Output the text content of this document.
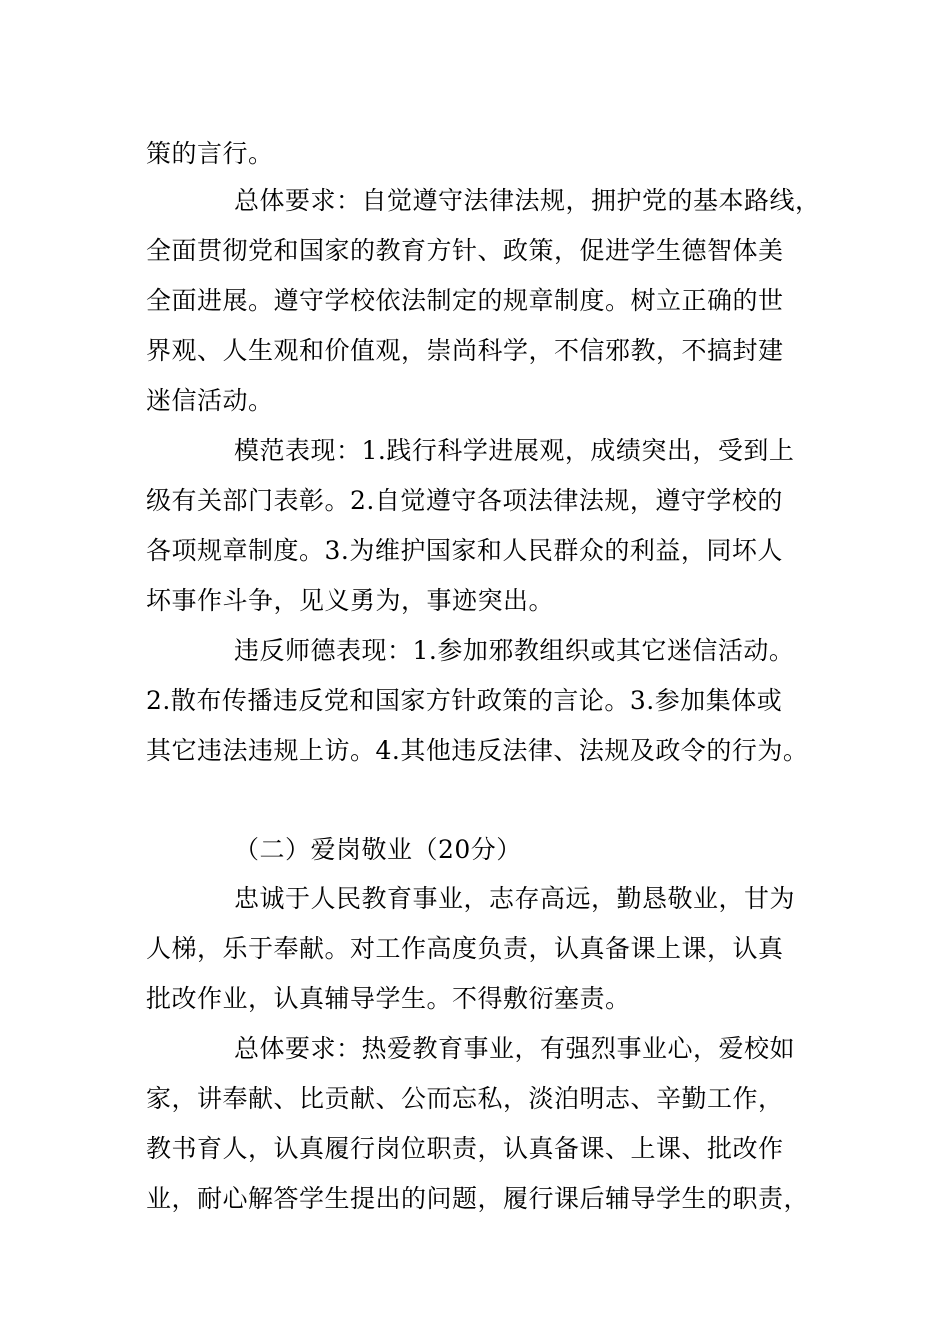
策的言行。
总体要求：自觉遵守法律法规，拥护党的基本路线，
全面贯彻党和国家的教育方针、政策，促进学生德智体美
全面进展。遵守学校依法制定的规章制度。树立正确的世
界观、人生观和价值观，崇尚科学，不信邪教，不搞封建
迷信活动。
模范表现：1.践行科学进展观，成绩突出，受到上
级有关部门表彰。2.自觉遵守各项法律法规，遵守学校的
各项规章制度。3.为维护国家和人民群众的利益，同坏人
坏事作斗争，见义勇为，事迹突出。
违反师德表现：1.参加邪教组织或其它迷信活动。
2.散布传播违反党和国家方针政策的言论。3.参加集体或
其它违法违规上访。4.其他违反法律、法规及政令的行为。
（二）爱岗敬业（20分）
忠诚于人民教育事业，志存高远，勤恳敬业，甘为
人梯，乐于奉献。对工作高度负责，认真备课上课，认真
批改作业，认真辅导学生。不得敷衍塞责。
总体要求：热爱教育事业，有强烈事业心，爱校如
家，讲奉献、比贡献、公而忘私，淡泊明志、辛勤工作，
教书育人，认真履行岗位职责，认真备课、上课、批改作
业，耐心解答学生提出的问题，履行课后辅导学生的职责，
